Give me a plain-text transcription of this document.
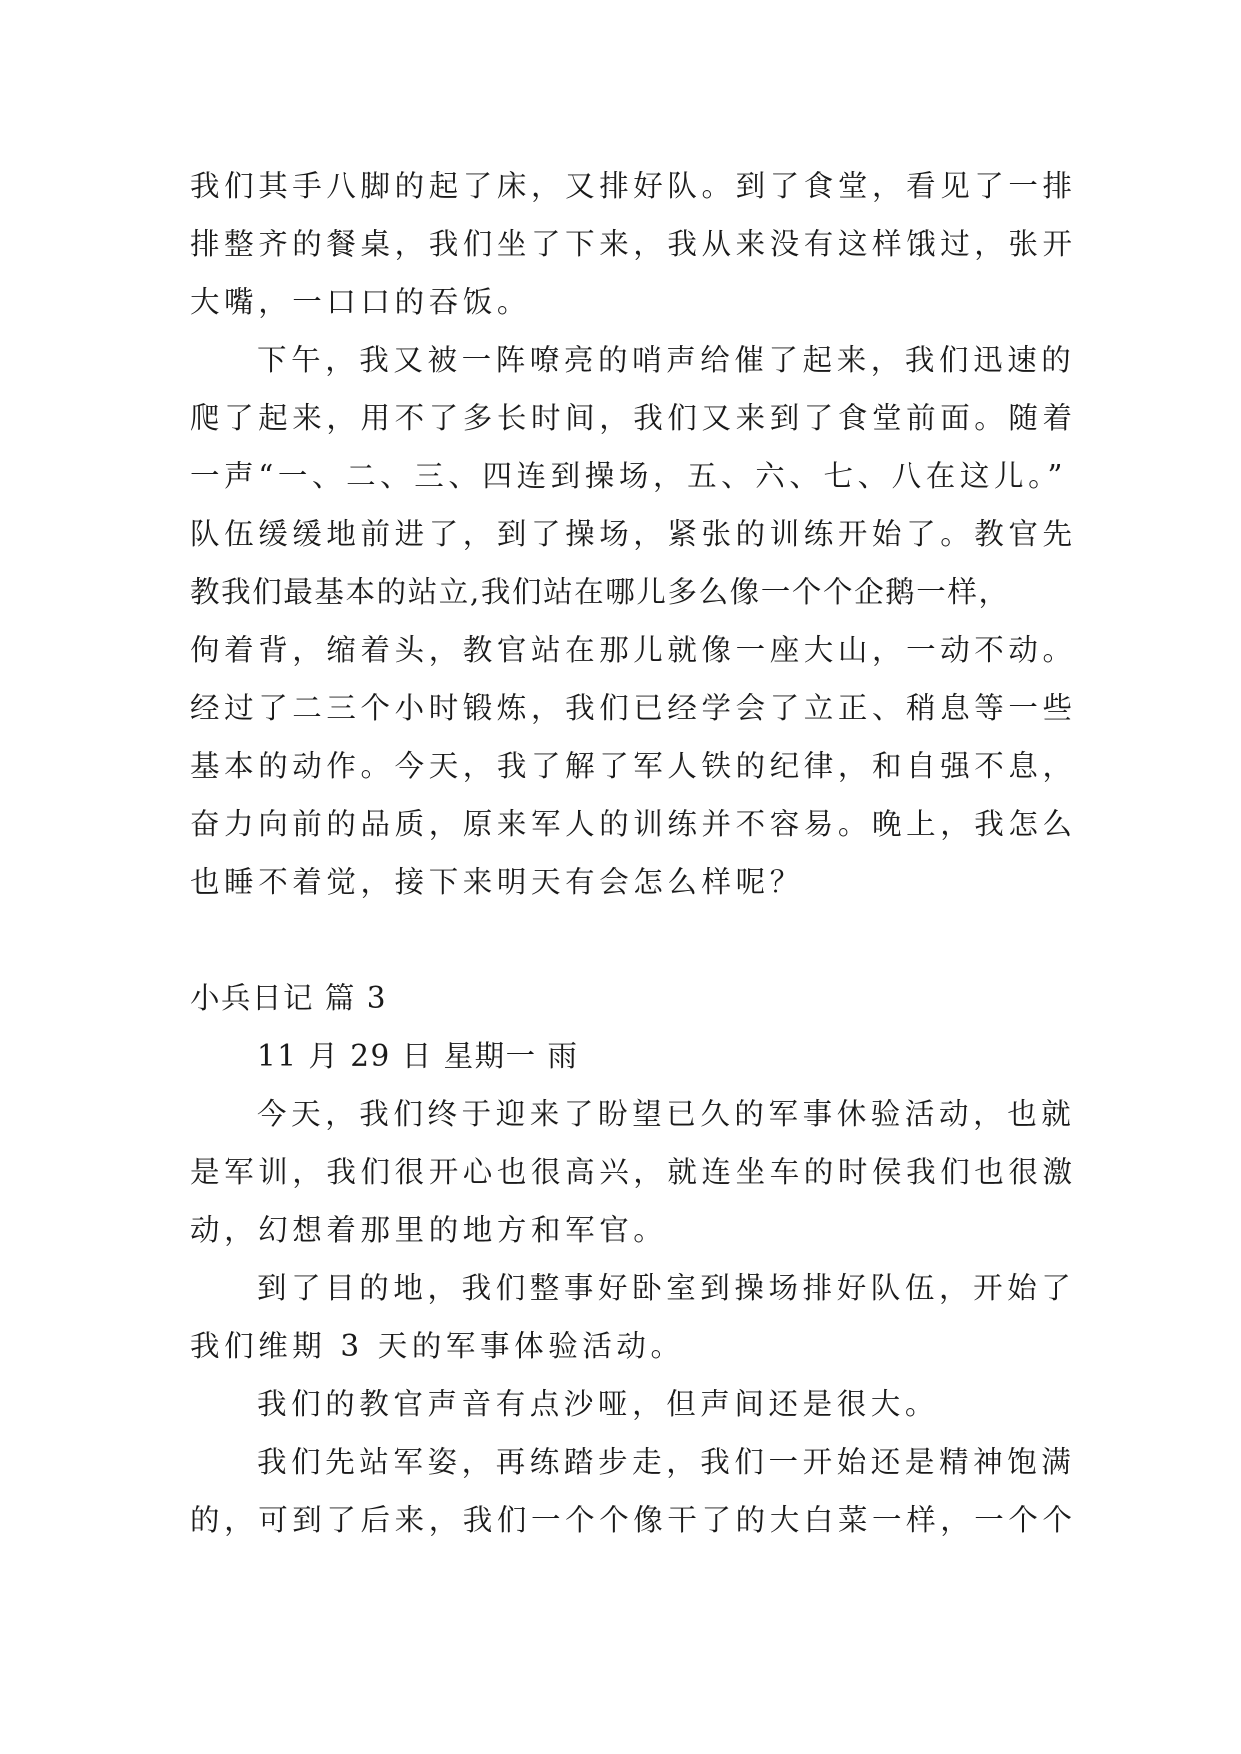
我们其手八脚的起了床，又排好队。到了食堂，看见了一排
排整齐的餐桌，我们坐了下来，我从来没有这样饿过，张开
大嘴，一口口的吞饭。
下午，我又被一阵嘹亮的哨声给催了起来，我们迅速的
爬了起来，用不了多长时间，我们又来到了食堂前面。随着
一声“一、二、三、四连到操场，五、六、七、八在这儿。”
队伍缓缓地前进了，到了操场，紧张的训练开始了。教官先
教我们最基本的站立,我们站在哪儿多么像一个个企鹅一样，
佝着背，缩着头，教官站在那儿就像一座大山，一动不动。
经过了二三个小时锻炼，我们已经学会了立正、稍息等一些
基本的动作。今天，我了解了军人铁的纪律，和自强不息，
奋力向前的品质，原来军人的训练并不容易。晚上，我怎么
也睡不着觉，接下来明天有会怎么样呢？
小兵日记 篇 3
11 月 29 日 星期一 雨
今天，我们终于迎来了盼望已久的军事休验活动，也就
是军训，我们很开心也很高兴，就连坐车的时侯我们也很激
动，幻想着那里的地方和军官。
到了目的地，我们整事好卧室到操场排好队伍，开始了
我们维期 3 天的军事体验活动。
我们的教官声音有点沙哑，但声间还是很大。
我们先站军姿，再练踏步走，我们一开始还是精神饱满
的，可到了后来，我们一个个像干了的大白菜一样，一个个
